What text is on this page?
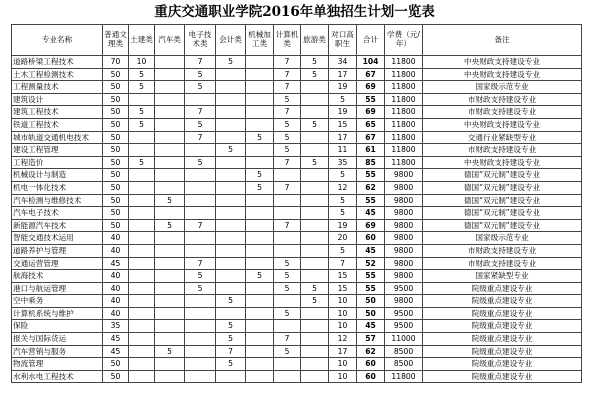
重庆交通职业学院2016年单独招生计划一览表
专业名称	普通文理类	土建类	汽车类	电子技术类	会计类	机械加工类	计算机类	旅游类	对口高职生	合计	学费（元/年）	备注
道路桥梁工程技术	70	10		7	5		7	5	34	104	11800	中央财政支持建设专业
土木工程检测技术	50	5		5			7	5	17	67	11800	中央财政支持建设专业
工程测量技术	50	5		5			7		19	69	11800	国家级示范专业
建筑设计	50						5		5	55	11800	市财政支持建设专业
建筑工程技术	50	5		7			7		19	69	11800	市财政支持建设专业
铁道工程技术	50	5		5			5	5	15	65	11800	中央财政支持建设专业
城市轨道交通机电技术	50			7		5	5		17	67	11800	交通行业紧缺型专业
建设工程管理	50				5		5		11	61	11800	市财政支持建设专业
工程造价	50	5		5			7	5	35	85	11800	中央财政支持建设专业
机械设计与制造	50					5			5	55	9800	德国“双元制”建设专业
机电一体化技术	50					5	7		12	62	9800	德国“双元制”建设专业
汽车检测与维修技术	50		5						5	55	9800	德国“双元制”建设专业
汽车电子技术	50								5	45	9800	德国“双元制”建设专业
新能源汽车技术	50		5	7			7		19	69	9800	德国“双元制”建设专业
智能交通技术运用	40								20	60	9800	国家级示范专业
道路养护与管理	40								5	45	9800	市财政支持建设专业
交通运营管理	45			7			5		7	52	9800	市财政支持建设专业
航海技术	40			5		5	5		15	55	9800	国家紧缺型专业
港口与航运管理	40			5			5	5	15	55	9500	院级重点建设专业
空中乘务	40				5			5	10	50	9800	院级重点建设专业
计算机系统与维护	40						5		10	50	9500	院级重点建设专业
保险	35				5				10	45	9500	院级重点建设专业
报关与国际货运	45				5		7		12	57	11000	院级重点建设专业
汽车营销与服务	45		5		7		5		17	62	8500	院级重点建设专业
物流管理	50				5				10	60	8500	院级重点建设专业
水利水电工程技术	50								10	60	11800	院级重点建设专业
